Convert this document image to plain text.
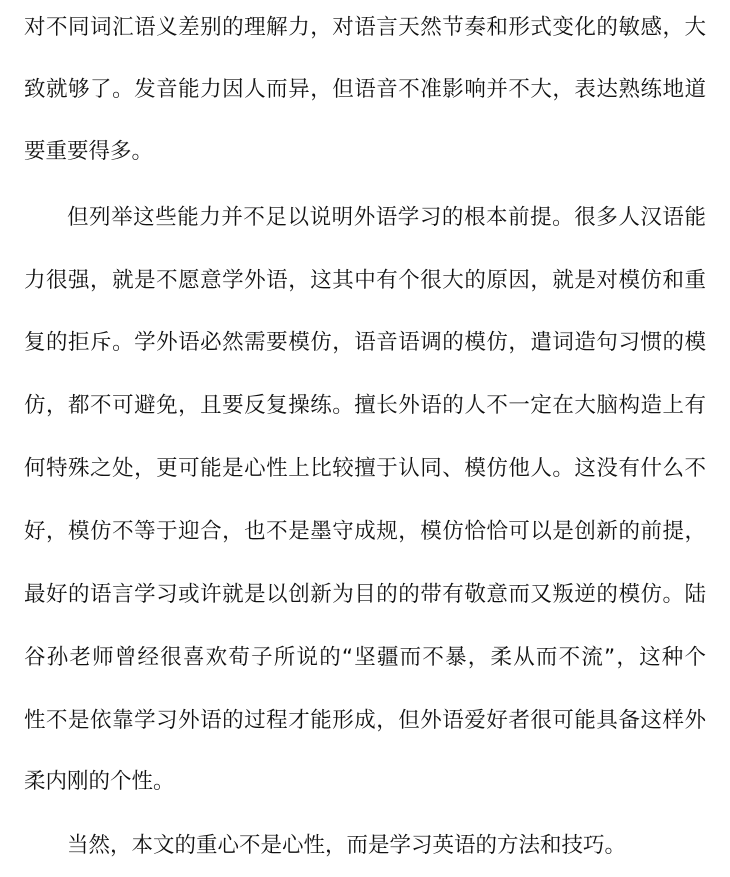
对不同词汇语义差别的理解力，对语言天然节奏和形式变化的敏感，大
致就够了。发音能力因人而异，但语音不准影响并不大，表达熟练地道
要重要得多。
但列举这些能力并不足以说明外语学习的根本前提。很多人汉语能
力很强，就是不愿意学外语，这其中有个很大的原因，就是对模仿和重
复的拒斥。学外语必然需要模仿，语音语调的模仿，遣词造句习惯的模
仿，都不可避免，且要反复操练。擅长外语的人不一定在大脑构造上有
何特殊之处，更可能是心性上比较擅于认同、模仿他人。这没有什么不
好，模仿不等于迎合，也不是墨守成规，模仿恰恰可以是创新的前提，
最好的语言学习或许就是以创新为目的的带有敬意而又叛逆的模仿。陆
谷孙老师曾经很喜欢荀子所说的“坚疆而不暴，柔从而不流”，这种个
性不是依靠学习外语的过程才能形成，但外语爱好者很可能具备这样外
柔内刚的个性。
当然，本文的重心不是心性，而是学习英语的方法和技巧。
